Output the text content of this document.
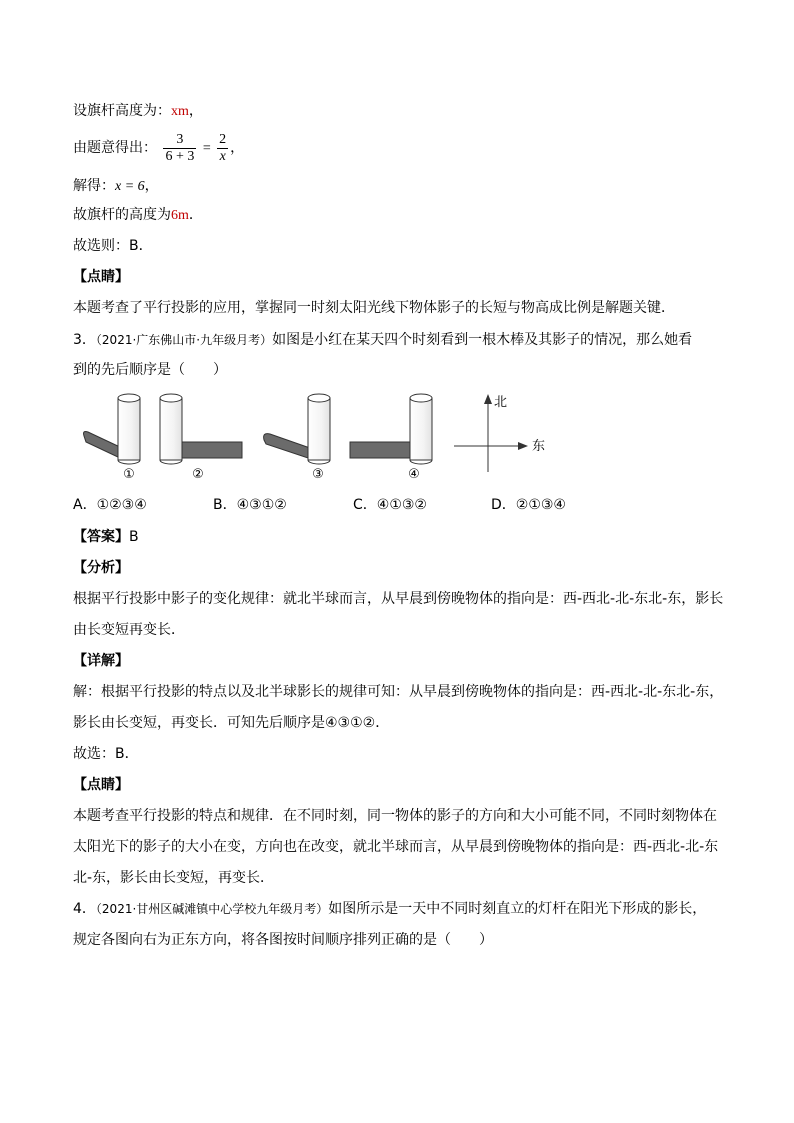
设旗杆高度为：xm，
由题意得出： $\frac{3}{6 + 3} = \frac{2}{x}$ ，
解得：x = 6，
故旗杆的高度为6m．
故选则：B．
【点睛】
本题考查了平行投影的应用，掌握同一时刻太阳光线下物体影子的长短与物高成比例是解题关键．
3．（2021·广东佛山市·九年级月考）如图是小红在某天四个时刻看到一根木棒及其影子的情况，那么她看
到的先后顺序是（　　）
①	②	③	④
北
东
A．①②③④	B．④③①②	C．④①③②	D．②①③④
【答案】B
【分析】
根据平行投影中影子的变化规律：就北半球而言，从早晨到傍晚物体的指向是：西-西北-北-东北-东，影长
由长变短再变长．
【详解】
解：根据平行投影的特点以及北半球影长的规律可知：从早晨到傍晚物体的指向是：西-西北-北-东北-东，
影长由长变短，再变长．可知先后顺序是④③①②．
故选：B．
【点睛】
本题考查平行投影的特点和规律．在不同时刻，同一物体的影子的方向和大小可能不同，不同时刻物体在
太阳光下的影子的大小在变，方向也在改变，就北半球而言，从早晨到傍晚物体的指向是：西-西北-北-东
北-东，影长由长变短，再变长．
4．（2021·甘州区碱滩镇中心学校九年级月考）如图所示是一天中不同时刻直立的灯杆在阳光下形成的影长，
规定各图向右为正东方向，将各图按时间顺序排列正确的是（　　）
